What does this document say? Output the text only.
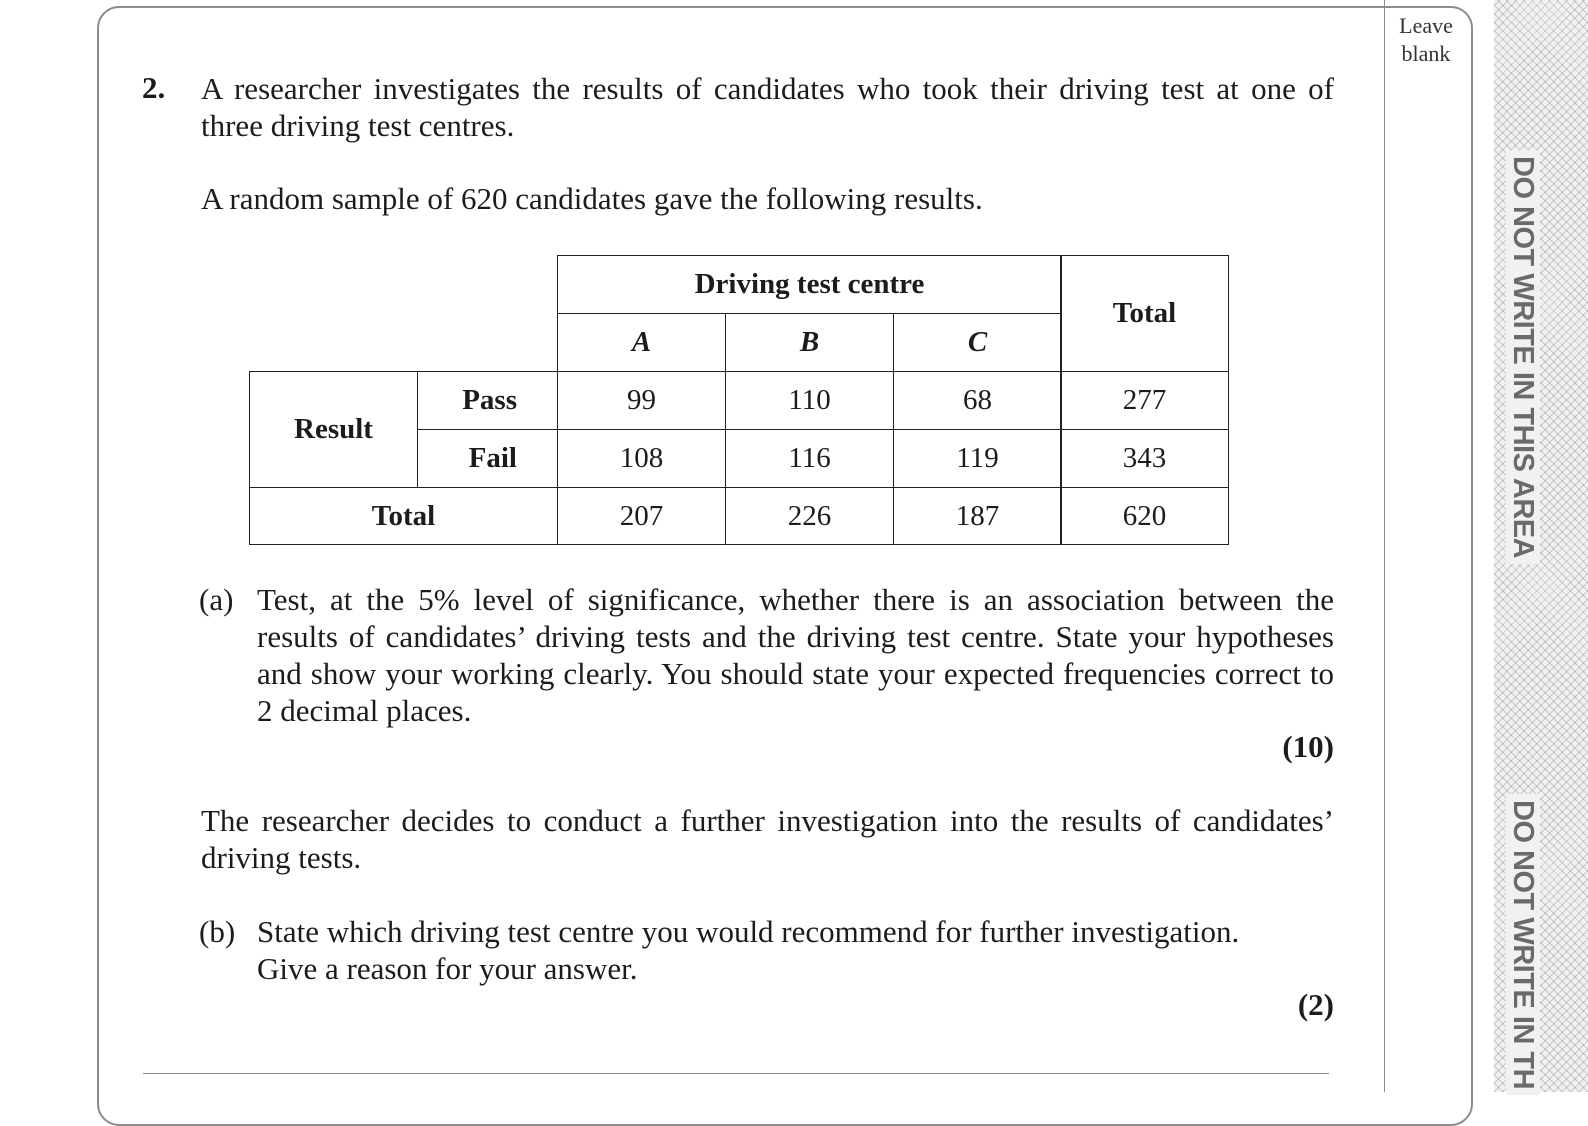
Leave blank
DO NOT WRITE IN THIS AREA
DO NOT WRITE IN TH
2. A researcher investigates the results of candidates who took their driving test at one of three driving test centres.
A random sample of 620 candidates gave the following results.
Driving test centre
Total
A	B	C
Result
Pass	99	110	68	277
Fail	108	116	119	343
Total	207	226	187	620
(a) Test, at the 5% level of significance, whether there is an association between the results of candidates’ driving tests and the driving test centre. State your hypotheses and show your working clearly. You should state your expected frequencies correct to 2 decimal places.
(10)
The researcher decides to conduct a further investigation into the results of candidates’ driving tests.
(b) State which driving test centre you would recommend for further investigation.
Give a reason for your answer.
(2)
